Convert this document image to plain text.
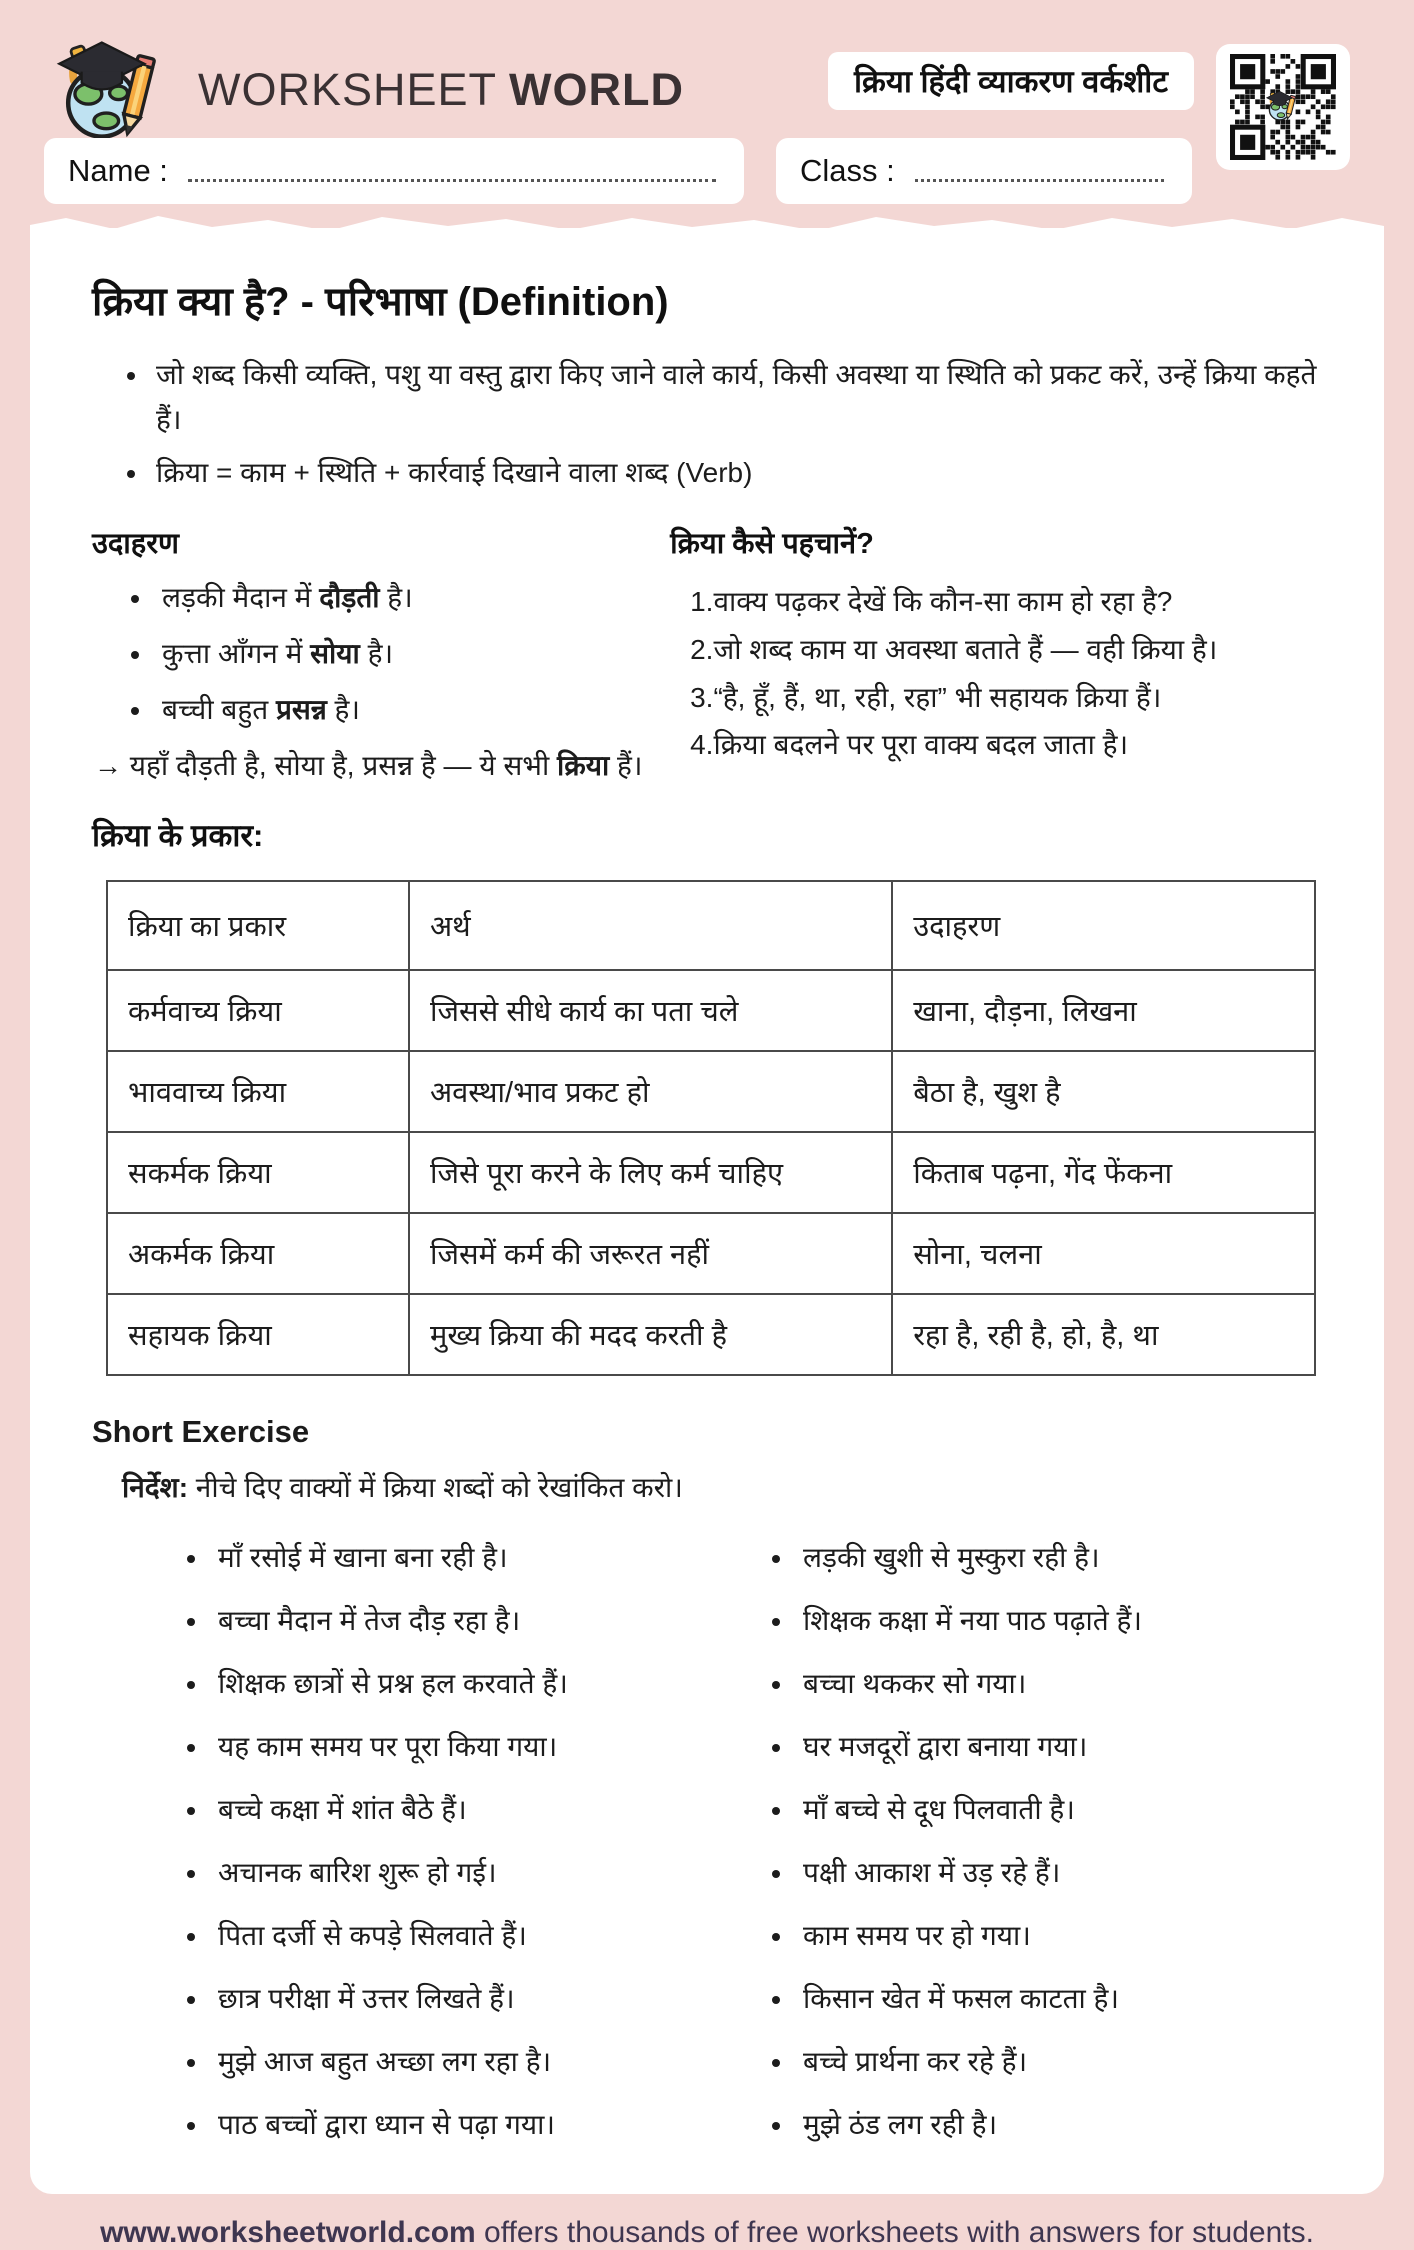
WORKSHEET WORLD	क्रिया हिंदी व्याकरण वर्कशीट
Name :	Class :
क्रिया क्या है? - परिभाषा (Definition)
• जो शब्द किसी व्यक्ति, पशु या वस्तु द्वारा किए जाने वाले कार्य, किसी अवस्था या स्थिति को प्रकट करें, उन्हें क्रिया कहते हैं।
• क्रिया = काम + स्थिति + कार्रवाई दिखाने वाला शब्द (Verb)
उदाहरण
• लड़की मैदान में दौड़ती है।
• कुत्ता आँगन में सोया है।
• बच्ची बहुत प्रसन्न है।

→ यहाँ दौड़ती है, सोया है, प्रसन्न है — ये सभी क्रिया हैं।

क्रिया कैसे पहचानें?
1.वाक्य पढ़कर देखें कि कौन-सा काम हो रहा है?
2.जो शब्द काम या अवस्था बताते हैं — वही क्रिया है।
3.“है, हूँ, हैं, था, रही, रहा” भी सहायक क्रिया हैं।
4.क्रिया बदलने पर पूरा वाक्य बदल जाता है।
क्रिया के प्रकार:
क्रिया का प्रकार	अर्थ	उदाहरण
कर्मवाच्य क्रिया	जिससे सीधे कार्य का पता चले	खाना, दौड़ना, लिखना
भाववाच्य क्रिया	अवस्था/भाव प्रकट हो	बैठा है, खुश है
सकर्मक क्रिया	जिसे पूरा करने के लिए कर्म चाहिए	किताब पढ़ना, गेंद फेंकना
अकर्मक क्रिया	जिसमें कर्म की जरूरत नहीं	सोना, चलना
सहायक क्रिया	मुख्य क्रिया की मदद करती है	रहा है, रही है, हो, है, था
Short Exercise

निर्देश: नीचे दिए वाक्यों में क्रिया शब्दों को रेखांकित करो।

• माँ रसोई में खाना बना रही है।
• बच्चा मैदान में तेज दौड़ रहा है।
• शिक्षक छात्रों से प्रश्न हल करवाते हैं।
• यह काम समय पर पूरा किया गया।
• बच्चे कक्षा में शांत बैठे हैं।
• अचानक बारिश शुरू हो गई।
• पिता दर्जी से कपड़े सिलवाते हैं।
• छात्र परीक्षा में उत्तर लिखते हैं।
• मुझे आज बहुत अच्छा लग रहा है।
• पाठ बच्चों द्वारा ध्यान से पढ़ा गया।
• लड़की खुशी से मुस्कुरा रही है।
• शिक्षक कक्षा में नया पाठ पढ़ाते हैं।
• बच्चा थककर सो गया।
• घर मजदूरों द्वारा बनाया गया।
• माँ बच्चे से दूध पिलवाती है।
• पक्षी आकाश में उड़ रहे हैं।
• काम समय पर हो गया।
• किसान खेत में फसल काटता है।
• बच्चे प्रार्थना कर रहे हैं।
• मुझे ठंड लग रही है।
www.worksheetworld.com offers thousands of free worksheets with answers for students.
